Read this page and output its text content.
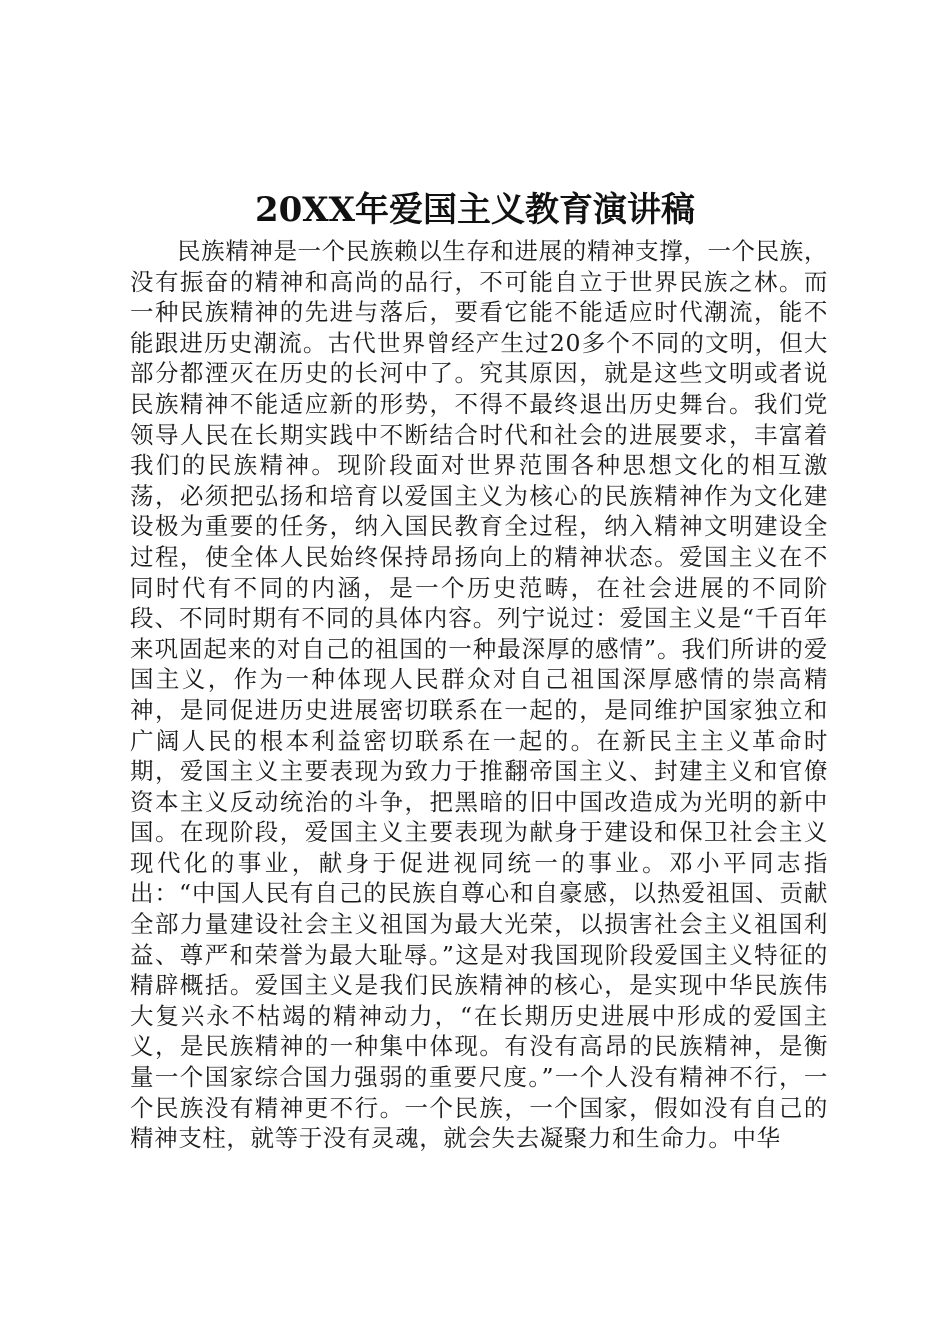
20XX年爱国主义教育演讲稿

民族精神是一个民族赖以生存和进展的精神支撑，一个民族，没有振奋的精神和高尚的品行，不可能自立于世界民族之林。而一种民族精神的先进与落后，要看它能不能适应时代潮流，能不能跟进历史潮流。古代世界曾经产生过20多个不同的文明，但大部分都湮灭在历史的长河中了。究其原因，就是这些文明或者说民族精神不能适应新的形势，不得不最终退出历史舞台。我们党领导人民在长期实践中不断结合时代和社会的进展要求，丰富着我们的民族精神。现阶段面对世界范围各种思想文化的相互激荡，必须把弘扬和培育以爱国主义为核心的民族精神作为文化建设极为重要的任务，纳入国民教育全过程，纳入精神文明建设全过程，使全体人民始终保持昂扬向上的精神状态。爱国主义在不同时代有不同的内涵，是一个历史范畴，在社会进展的不同阶段、不同时期有不同的具体内容。列宁说过：爱国主义是“千百年来巩固起来的对自己的祖国的一种最深厚的感情”。我们所讲的爱国主义，作为一种体现人民群众对自己祖国深厚感情的崇高精神，是同促进历史进展密切联系在一起的，是同维护国家独立和广阔人民的根本利益密切联系在一起的。在新民主主义革命时期，爱国主义主要表现为致力于推翻帝国主义、封建主义和官僚资本主义反动统治的斗争，把黑暗的旧中国改造成为光明的新中国。在现阶段，爱国主义主要表现为献身于建设和保卫社会主义现代化的事业，献身于促进视同统一的事业。邓小平同志指出：“中国人民有自己的民族自尊心和自豪感，以热爱祖国、贡献全部力量建设社会主义祖国为最大光荣，以损害社会主义祖国利益、尊严和荣誉为最大耻辱。”这是对我国现阶段爱国主义特征的精辟概括。爱国主义是我们民族精神的核心，是实现中华民族伟大复兴永不枯竭的精神动力，“在长期历史进展中形成的爱国主义，是民族精神的一种集中体现。有没有高昂的民族精神，是衡量一个国家综合国力强弱的重要尺度。”一个人没有精神不行，一个民族没有精神更不行。一个民族，一个国家，假如没有自己的精神支柱，就等于没有灵魂，就会失去凝聚力和生命力。中华
